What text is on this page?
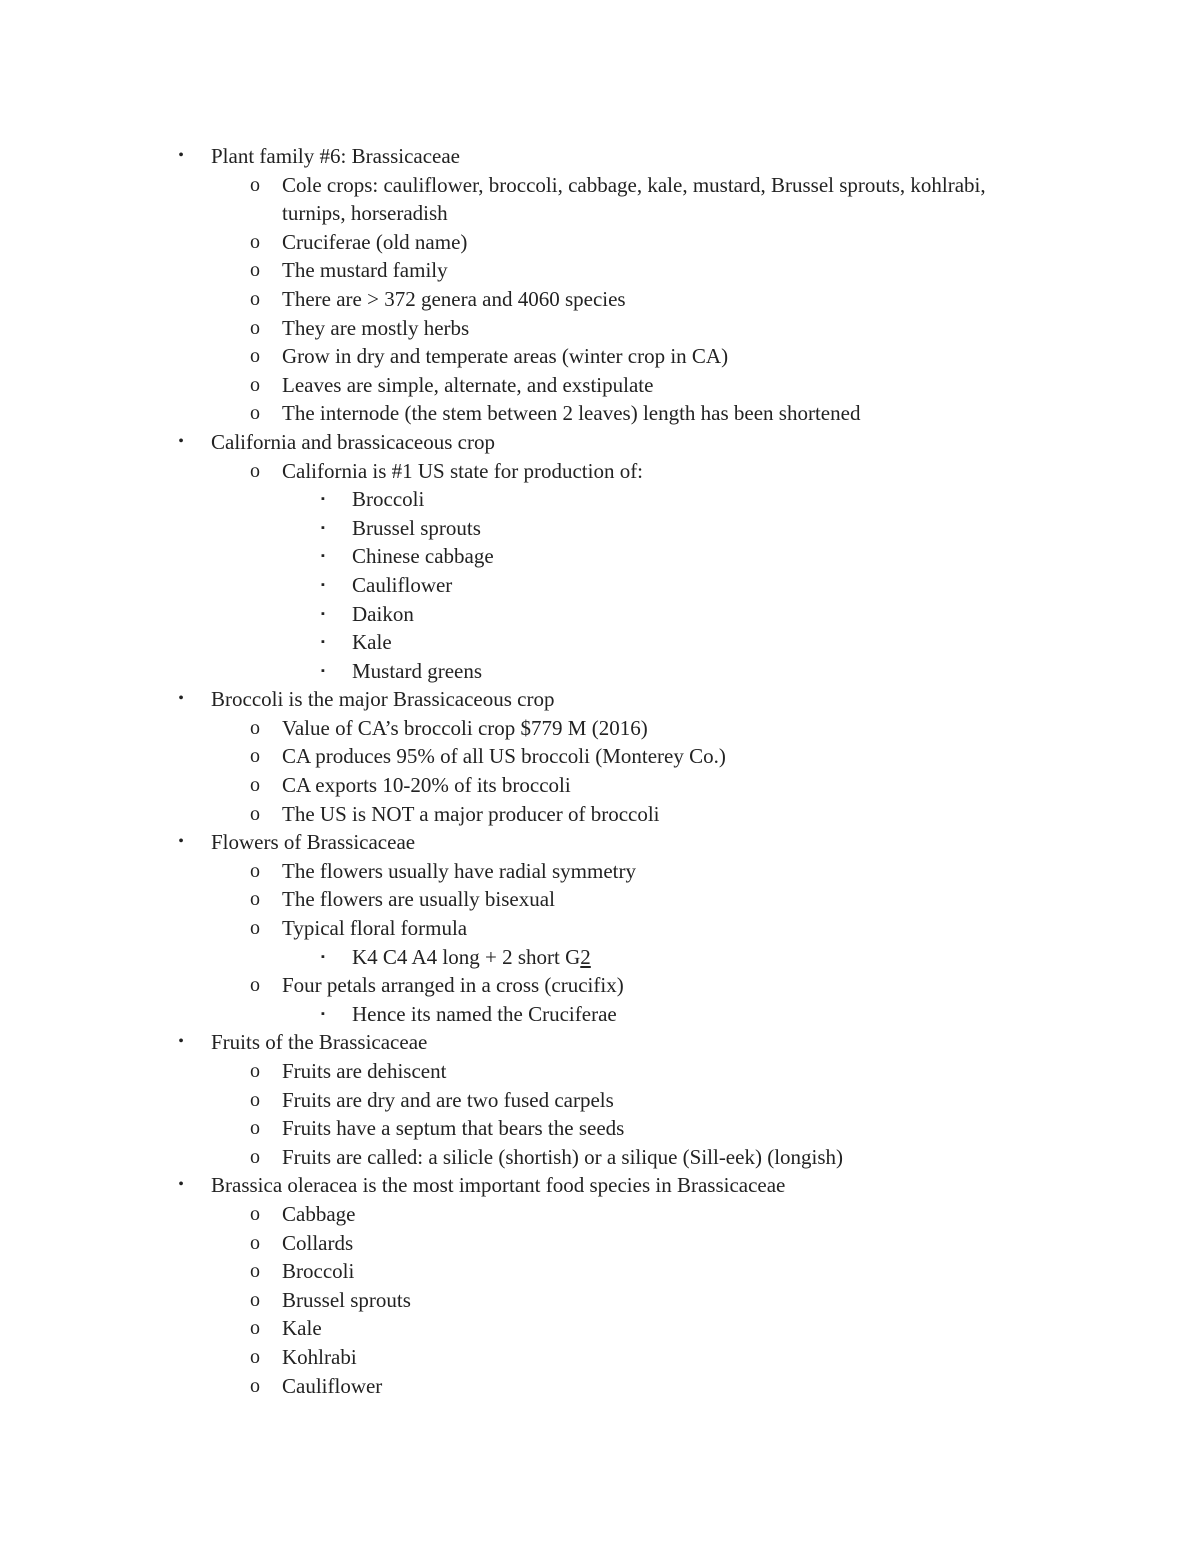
•	Plant family #6: Brassicaceae
o	Cole crops: cauliflower, broccoli, cabbage, kale, mustard, Brussel sprouts, kohlrabi, turnips, horseradish
o	Cruciferae (old name)
o	The mustard family
o	There are > 372 genera and 4060 species
o	They are mostly herbs
o	Grow in dry and temperate areas (winter crop in CA)
o	Leaves are simple, alternate, and exstipulate
o	The internode (the stem between 2 leaves) length has been shortened
•	California and brassicaceous crop
o	California is #1 US state for production of:
▪	Broccoli
▪	Brussel sprouts
▪	Chinese cabbage
▪	Cauliflower
▪	Daikon
▪	Kale
▪	Mustard greens
•	Broccoli is the major Brassicaceous crop
o	Value of CA’s broccoli crop $779 M (2016)
o	CA produces 95% of all US broccoli (Monterey Co.)
o	CA exports 10-20% of its broccoli
o	The US is NOT a major producer of broccoli
•	Flowers of Brassicaceae
o	The flowers usually have radial symmetry
o	The flowers are usually bisexual
o	Typical floral formula
▪	K4 C4 A4 long + 2 short G2
o	Four petals arranged in a cross (crucifix)
▪	Hence its named the Cruciferae
•	Fruits of the Brassicaceae
o	Fruits are dehiscent
o	Fruits are dry and are two fused carpels
o	Fruits have a septum that bears the seeds
o	Fruits are called: a silicle (shortish) or a silique (Sill-eek) (longish)
•	Brassica oleracea is the most important food species in Brassicaceae
o	Cabbage
o	Collards
o	Broccoli
o	Brussel sprouts
o	Kale
o	Kohlrabi
o	Cauliflower
